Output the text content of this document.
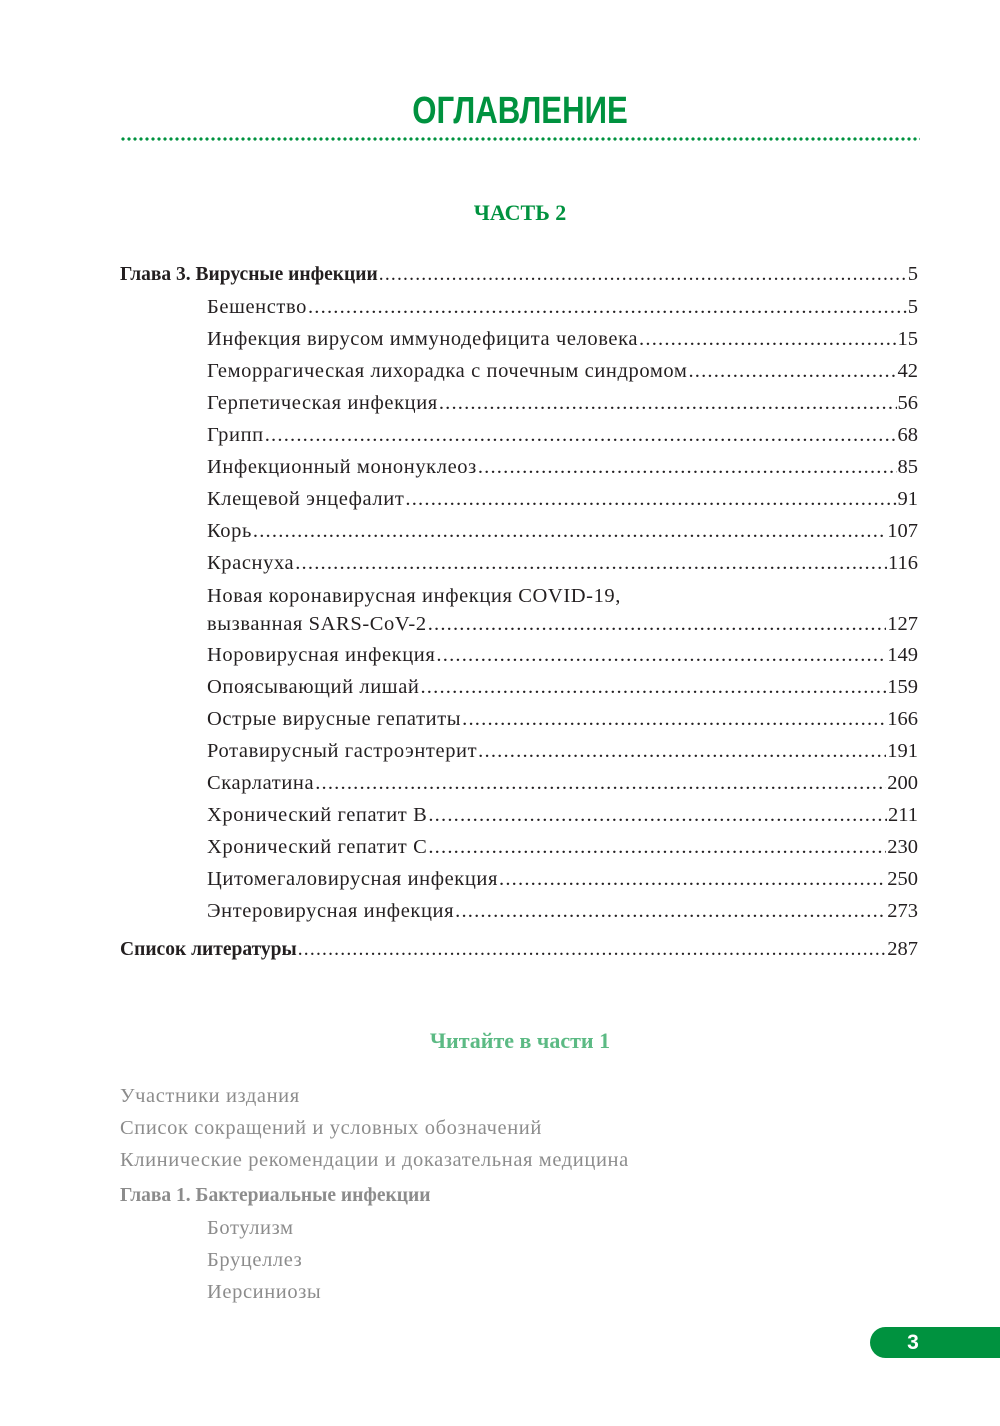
ОГЛАВЛЕНИЕ
ЧАСТЬ 2
Глава 3. Вирусные инфекции .....	5
Бешенство .....	5
Инфекция вирусом иммунодефицита человека .....	15
Геморрагическая лихорадка с почечным синдромом .....	42
Герпетическая инфекция .....	56
Грипп .....	68
Инфекционный мононуклеоз .....	85
Клещевой энцефалит .....	91
Корь .....	107
Краснуха .....	116
Новая коронавирусная инфекция COVID-19,
вызванная SARS-CoV-2 .....	127
Норовирусная инфекция .....	149
Опоясывающий лишай .....	159
Острые вирусные гепатиты .....	166
Ротавирусный гастроэнтерит .....	191
Скарлатина .....	200
Хронический гепатит B .....	211
Хронический гепатит C .....	230
Цитомегаловирусная инфекция .....	250
Энтеровирусная инфекция .....	273
Список литературы .....	287
Читайте в части 1
Участники издания
Список сокращений и условных обозначений
Клинические рекомендации и доказательная медицина
Глава 1. Бактериальные инфекции
Ботулизм
Бруцеллез
Иерсиниозы
3
